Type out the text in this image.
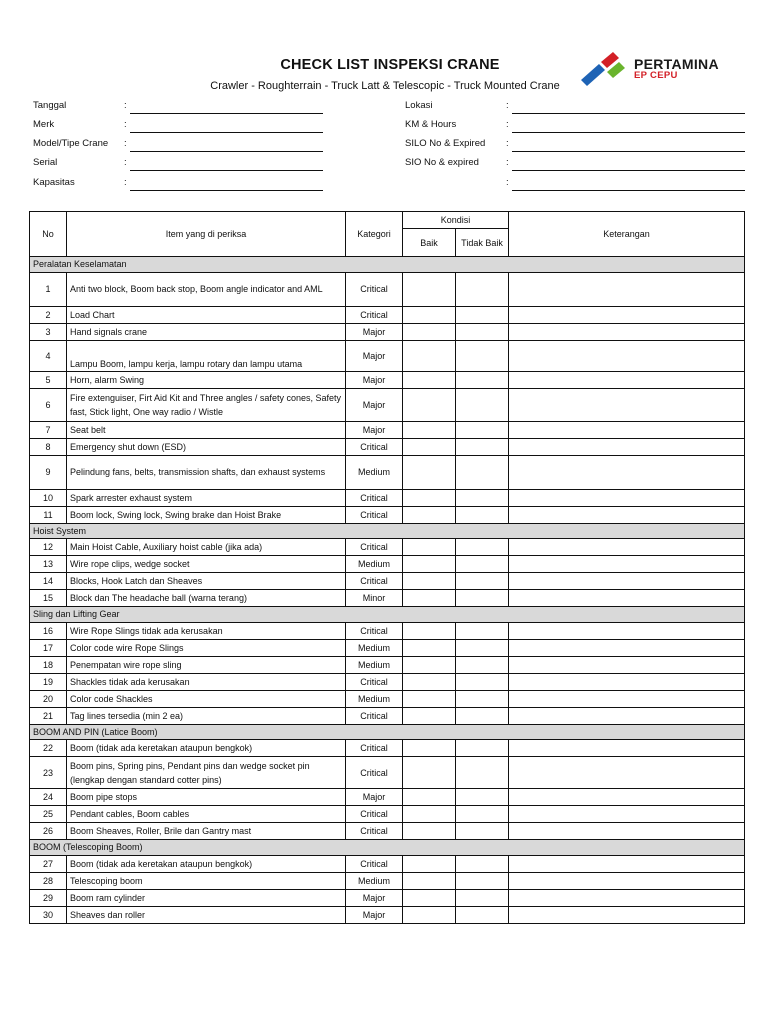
CHECK LIST INSPEKSI CRANE
Crawler - Roughterrain - Truck Latt & Telescopic - Truck Mounted Crane
PERTAMINA
EP CEPU
Tanggal	:
Merk	:
Model/Tipe Crane :
Serial	:
Kapasitas	:
Lokasi	:
KM & Hours	:
SILO No & Expired :
SIO No & expired	:
:
No	Item yang di periksa	Kategori	Kondisi		Keterangan
			Baik	Tidak Baik	
Peralatan Keselamatan					
1	Anti two block, Boom back stop, Boom angle indicator and AML	Critical			
2	Load Chart	Critical			
3	Hand signals crane	Major			
4	Lampu Boom, lampu kerja, lampu rotary dan lampu utama	Major			
5	Horn, alarm Swing	Major			
6	Fire extenguiser, Firt Aid Kit and Three angles / safety cones, Safety fast, Stick light, One way radio / Wistle	Major			
7	Seat belt	Major			
8	Emergency shut down (ESD)	Critical			
9	Pelindung fans, belts, transmission shafts, dan exhaust systems	Medium			
10	Spark arrester exhaust system	Critical			
11	Boom lock, Swing lock, Swing brake dan Hoist Brake	Critical			
Hoist System					
12	Main Hoist Cable, Auxiliary hoist cable (jika ada)	Critical			
13	Wire rope clips, wedge socket	Medium			
14	Blocks, Hook Latch dan Sheaves	Critical			
15	Block dan The headache ball (warna terang)	Minor			
Sling dan Lifting Gear					
16	Wire Rope Slings tidak ada kerusakan	Critical			
17	Color code wire Rope Slings	Medium			
18	Penempatan wire rope sling	Medium			
19	Shackles tidak ada kerusakan	Critical			
20	Color code Shackles	Medium			
21	Tag lines tersedia (min 2 ea)	Critical			
BOOM AND PIN (Latice Boom)					
22	Boom (tidak ada keretakan ataupun bengkok)	Critical			
23	Boom pins, Spring pins, Pendant pins dan wedge socket pin (lengkap dengan standard cotter pins)	Critical			
24	Boom pipe stops	Major			
25	Pendant cables, Boom cables	Critical			
26	Boom Sheaves, Roller, Brile dan Gantry mast	Critical			
BOOM (Telescoping Boom)					
27	Boom (tidak ada keretakan ataupun bengkok)	Critical			
28	Telescoping boom	Medium			
29	Boom ram cylinder	Major			
30	Sheaves dan roller	Major			
